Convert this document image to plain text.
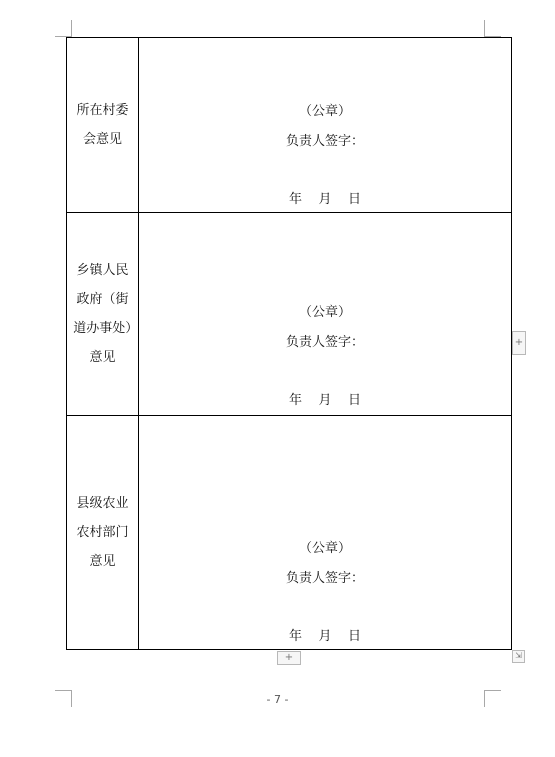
所在村委会意见	（公章）
负责人签字：
年    月    日

乡镇人民政府（街道办事处）意见	（公章）
负责人签字：
年    月    日

县级农业农村部门意见	（公章）
负责人签字：
年    月    日
+
+	⇲
- 7 -
